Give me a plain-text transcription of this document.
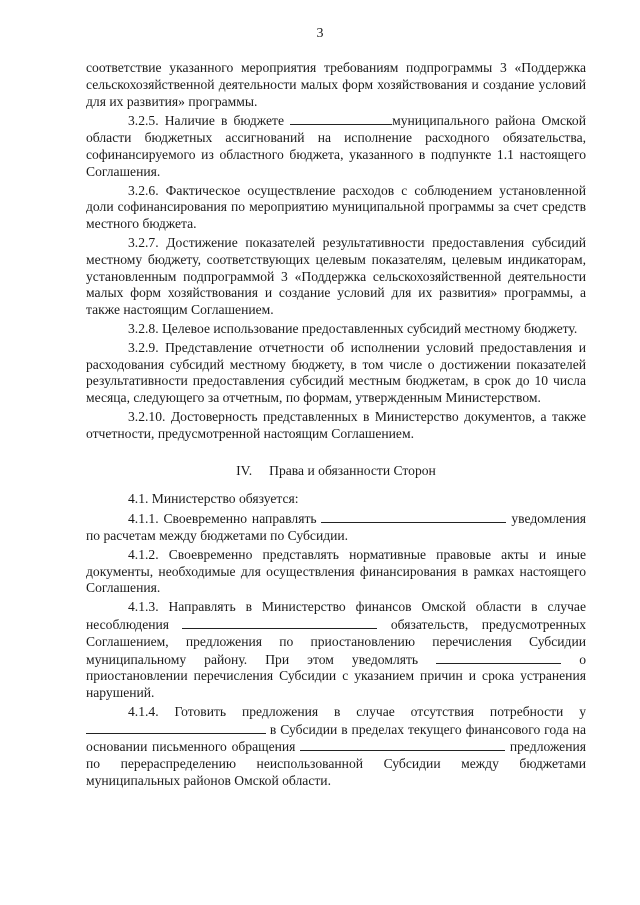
3

соответствие указанного мероприятия требованиям подпрограммы 3 «Поддержка сельскохозяйственной деятельности малых форм хозяйствования и создание условий для их развития» программы.

3.2.5. Наличие в бюджете	муниципального района Омской области бюджетных ассигнований на исполнение расходного обязательства, софинансируемого из областного бюджета, указанного в подпункте 1.1 настоящего Соглашения.

3.2.6. Фактическое осуществление расходов с соблюдением установленной доли софинансирования по мероприятию муниципальной программы за счет средств местного бюджета.

3.2.7. Достижение показателей результативности предоставления субсидий местному бюджету, соответствующих целевым показателям, целевым индикаторам, установленным подпрограммой 3 «Поддержка сельскохозяйственной деятельности малых форм хозяйствования и создание условий для их развития» программы, а также настоящим Соглашением.

3.2.8. Целевое использование предоставленных субсидий местному бюджету.

3.2.9. Представление отчетности об исполнении условий предоставления и расходования субсидий местному бюджету, в том числе о достижении показателей результативности предоставления субсидий местным бюджетам, в срок до 10 числа месяца, следующего за отчетным, по формам, утвержденным Министерством.

3.2.10. Достоверность представленных в Министерство документов, а также отчетности, предусмотренной настоящим Соглашением.

IV. Права и обязанности Сторон

4.1. Министерство обязуется:

4.1.1. Своевременно направлять	уведомления по расчетам между бюджетами по Субсидии.

4.1.2. Своевременно представлять нормативные правовые акты и иные документы, необходимые для осуществления финансирования в рамках настоящего Соглашения.

4.1.3. Направлять в Министерство финансов Омской области в случае несоблюдения	обязательств, предусмотренных Соглашением, предложения по приостановлению перечисления Субсидии муниципальному району. При этом уведомлять	о приостановлении перечисления Субсидии с указанием причин и срока устранения нарушений.

4.1.4. Готовить предложения в случае отсутствия потребности у  в Субсидии в пределах текущего финансового года на основании письменного обращения	предложения по перераспределению неиспользованной Субсидии между бюджетами муниципальных районов Омской области.
